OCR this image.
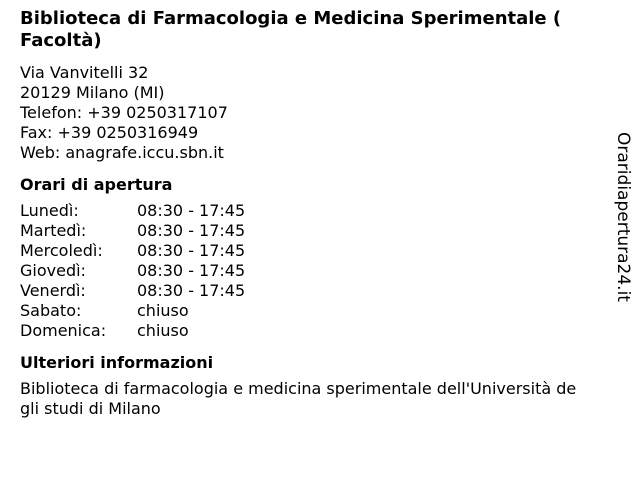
Biblioteca di Farmacologia e Medicina Sperimentale ( Facoltà)
Via Vanvitelli 32
20129 Milano (MI)
Telefon: +39 0250317107
Fax: +39 0250316949
Web: anagrafe.iccu.sbn.it
Orari di apertura
Lunedì:	08:30 - 17:45
Martedì:	08:30 - 17:45
Mercoledì:	08:30 - 17:45
Giovedì:	08:30 - 17:45
Venerdì:	08:30 - 17:45
Sabato:	chiuso
Domenica:	chiuso
Ulteriori informazioni
Biblioteca di farmacologia e medicina sperimentale dell'Università degli studi di Milano
Oraridiapertura24.it
